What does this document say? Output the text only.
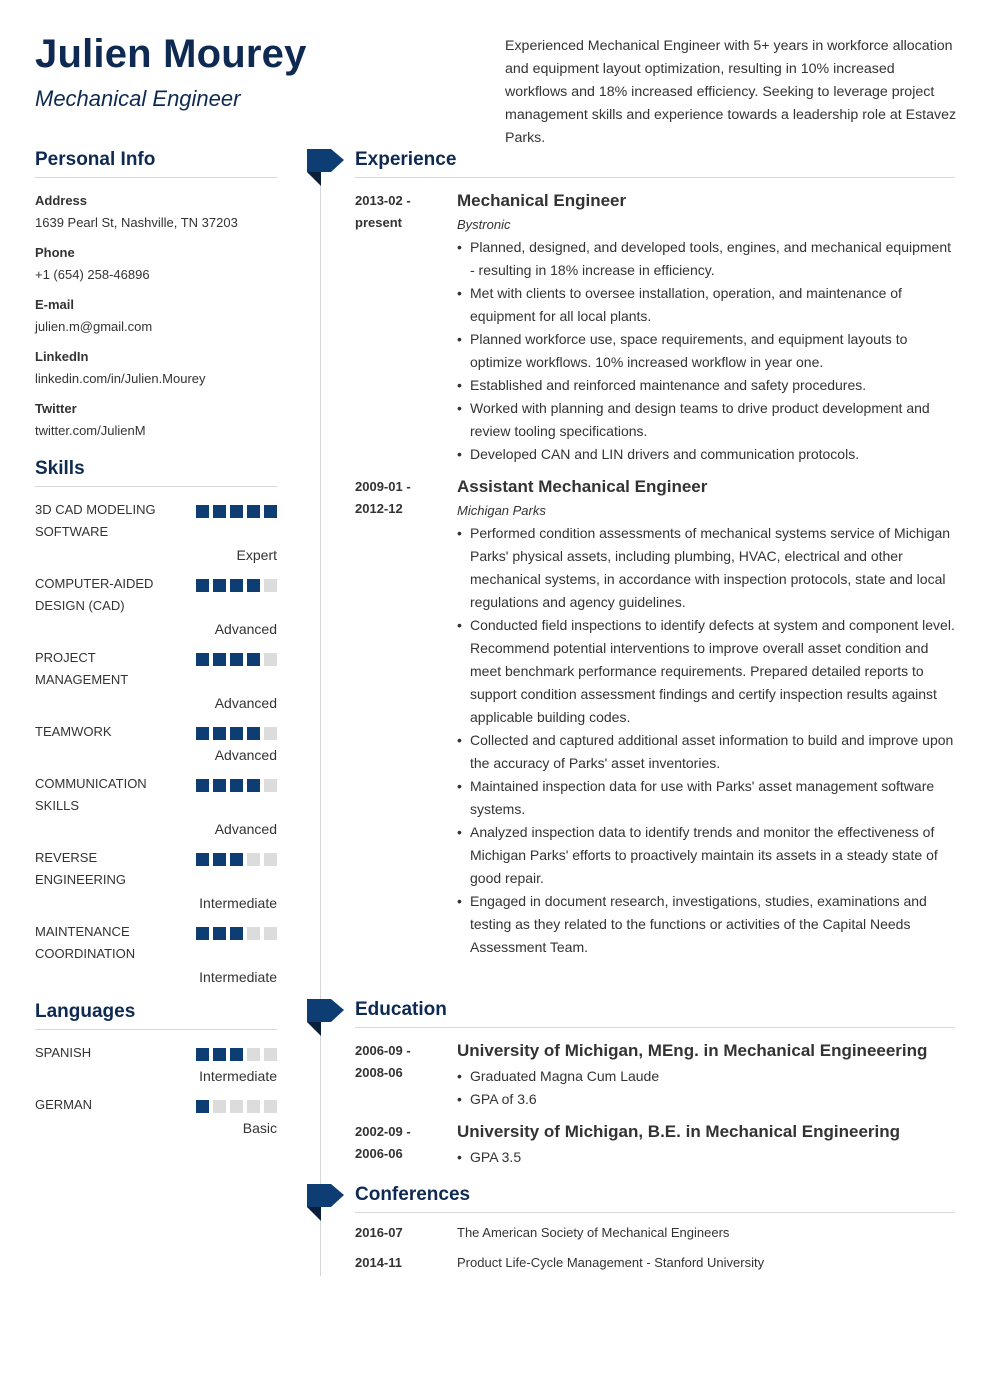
Julien Mourey
Mechanical Engineer

Experienced Mechanical Engineer with 5+ years in workforce allocation and equipment layout optimization, resulting in 10% increased workflows and 18% increased efficiency. Seeking to leverage project management skills and experience towards a leadership role at Estavez Parks.

Personal Info
Address
1639 Pearl St, Nashville, TN 37203
Phone
+1 (654) 258-46896
E-mail
julien.m@gmail.com
LinkedIn
linkedin.com/in/Julien.Mourey
Twitter
twitter.com/JulienM
Skills
3D CAD MODELING SOFTWARE
Expert
COMPUTER-AIDED DESIGN (CAD)
Advanced
PROJECT MANAGEMENT
Advanced
TEAMWORK
Advanced
COMMUNICATION SKILLS
Advanced
REVERSE ENGINEERING
Intermediate
MAINTENANCE COORDINATION
Intermediate
Languages
SPANISH
Intermediate
GERMAN
Basic
Experience
2013-02 -
present
Mechanical Engineer
Bystronic
• Planned, designed, and developed tools, engines, and mechanical equipment - resulting in 18% increase in efficiency.
• Met with clients to oversee installation, operation, and maintenance of equipment for all local plants.
• Planned workforce use, space requirements, and equipment layouts to optimize workflows. 10% increased workflow in year one.
• Established and reinforced maintenance and safety procedures.
• Worked with planning and design teams to drive product development and review tooling specifications.
• Developed CAN and LIN drivers and communication protocols.
2009-01 -
2012-12
Assistant Mechanical Engineer
Michigan Parks
• Performed condition assessments of mechanical systems service of Michigan Parks' physical assets, including plumbing, HVAC, electrical and other mechanical systems, in accordance with inspection protocols, state and local regulations and agency guidelines.
• Conducted field inspections to identify defects at system and component level. Recommend potential interventions to improve overall asset condition and meet benchmark performance requirements. Prepared detailed reports to support condition assessment findings and certify inspection results against applicable building codes.
• Collected and captured additional asset information to build and improve upon the accuracy of Parks' asset inventories.
• Maintained inspection data for use with Parks' asset management software systems.
• Analyzed inspection data to identify trends and monitor the effectiveness of Michigan Parks' efforts to proactively maintain its assets in a steady state of good repair.
• Engaged in document research, investigations, studies, examinations and testing as they related to the functions or activities of the Capital Needs Assessment Team.
Education
2006-09 -
2008-06
University of Michigan, MEng. in Mechanical Engineeering
• Graduated Magna Cum Laude
• GPA of 3.6
2002-09 -
2006-06
University of Michigan, B.E. in Mechanical Engineering
• GPA 3.5
Conferences
2016-07	The American Society of Mechanical Engineers
2014-11	Product Life-Cycle Management - Stanford University
